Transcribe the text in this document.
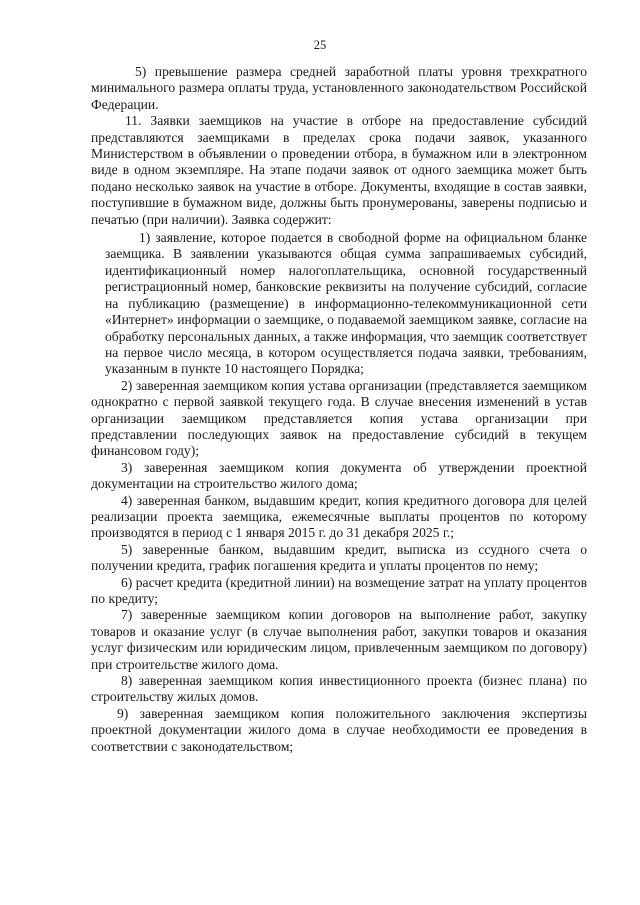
25

5) превышение размера средней заработной платы уровня трехкратного минимального размера оплаты труда, установленного законодательством Российской Федерации.

11. Заявки заемщиков на участие в отборе на предоставление субсидий представляются заемщиками в пределах срока подачи заявок, указанного Министерством в объявлении о проведении отбора, в бумажном или в электронном виде в одном экземпляре. На этапе подачи заявок от одного заемщика может быть подано несколько заявок на участие в отборе. Документы, входящие в состав заявки, поступившие в бумажном виде, должны быть пронумерованы, заверены подписью и печатью (при наличии). Заявка содержит:

1) заявление, которое подается в свободной форме на официальном бланке заемщика. В заявлении указываются общая сумма запрашиваемых субсидий, идентификационный номер налогоплательщика, основной государственный регистрационный номер, банковские реквизиты на получение субсидий, согласие на публикацию (размещение) в информационно-телекоммуникационной сети «Интернет» информации о заемщике, о подаваемой заемщиком заявке, согласие на обработку персональных данных, а также информация, что заемщик соответствует на первое число месяца, в котором осуществляется подача заявки, требованиям, указанным в пункте 10 настоящего Порядка;

2) заверенная заемщиком копия устава организации (представляется заемщиком однократно с первой заявкой текущего года. В случае внесения изменений в устав организации заемщиком представляется копия устава организации при представлении последующих заявок на предоставление субсидий в текущем финансовом году);

3) заверенная заемщиком копия документа об утверждении проектной документации на строительство жилого дома;

4) заверенная банком, выдавшим кредит, копия кредитного договора для целей реализации проекта заемщика, ежемесячные выплаты процентов по которому производятся в период с 1 января 2015 г. до 31 декабря 2025 г.;

5) заверенные банком, выдавшим кредит, выписка из ссудного счета о получении кредита, график погашения кредита и уплаты процентов по нему;

6) расчет кредита (кредитной линии) на возмещение затрат на уплату процентов по кредиту;

7) заверенные заемщиком копии договоров на выполнение работ, закупку товаров и оказание услуг (в случае выполнения работ, закупки товаров и оказания услуг физическим или юридическим лицом, привлеченным заемщиком по договору) при строительстве жилого дома.

8) заверенная заемщиком копия инвестиционного проекта (бизнес плана) по строительству жилых домов.

9) заверенная заемщиком копия положительного заключения экспертизы проектной документации жилого дома в случае необходимости ее проведения в соответствии с законодательством;
